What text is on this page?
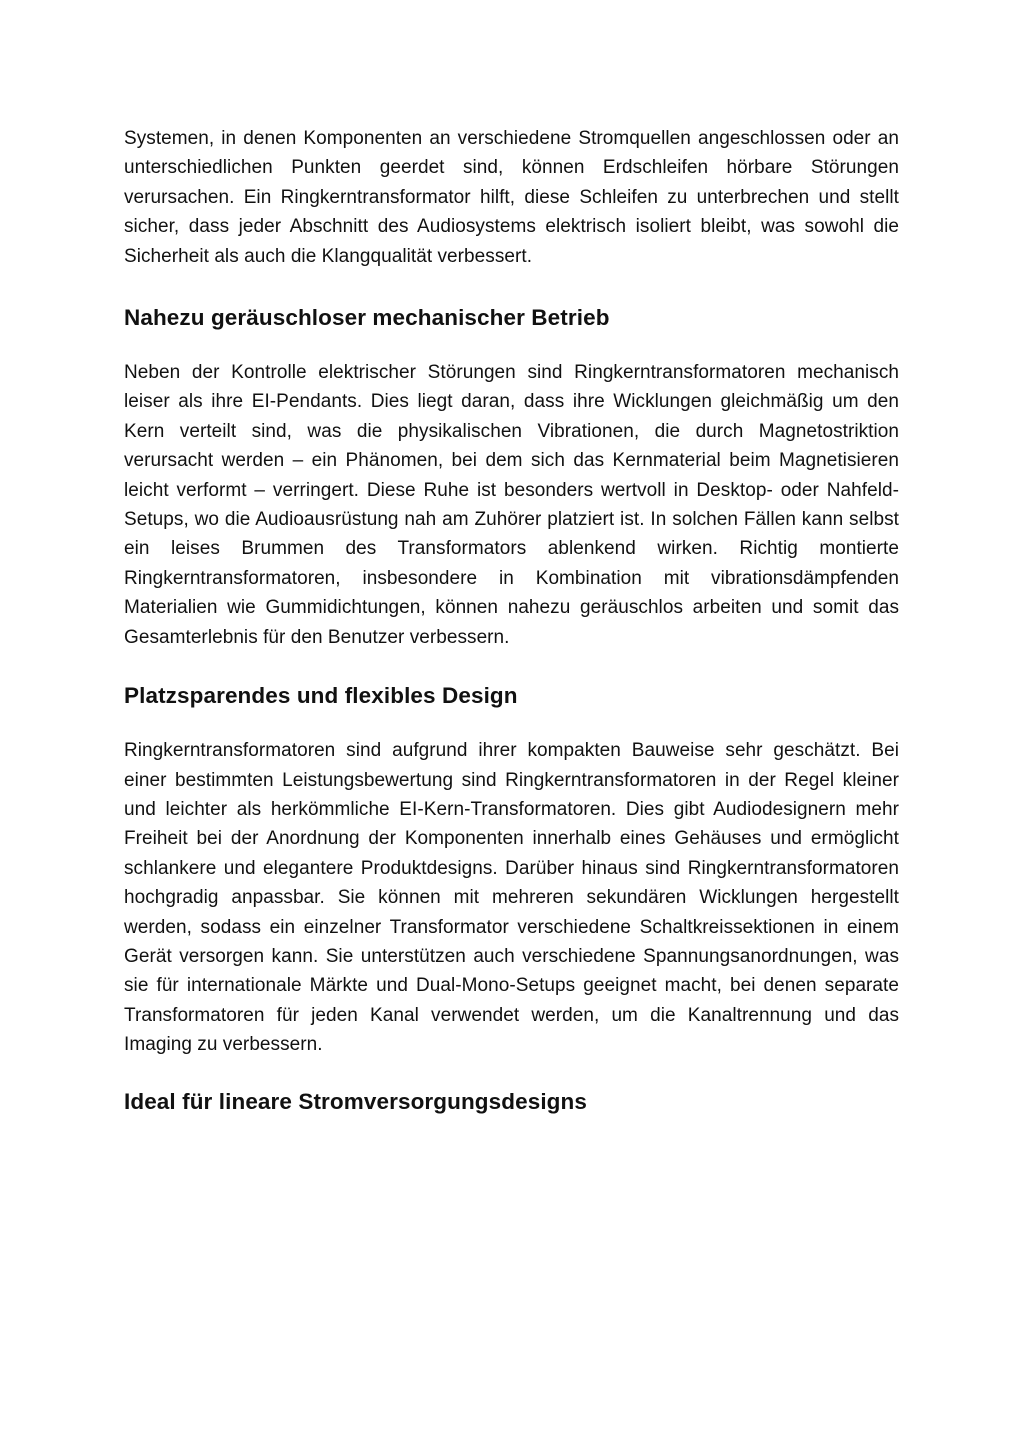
Systemen, in denen Komponenten an verschiedene Stromquellen angeschlossen oder an unterschiedlichen Punkten geerdet sind, können Erdschleifen hörbare Störungen verursachen. Ein Ringkerntransformator hilft, diese Schleifen zu unterbrechen und stellt sicher, dass jeder Abschnitt des Audiosystems elektrisch isoliert bleibt, was sowohl die Sicherheit als auch die Klangqualität verbessert.

Nahezu geräuschloser mechanischer Betrieb

Neben der Kontrolle elektrischer Störungen sind Ringkerntransformatoren mechanisch leiser als ihre EI-Pendants. Dies liegt daran, dass ihre Wicklungen gleichmäßig um den Kern verteilt sind, was die physikalischen Vibrationen, die durch Magnetostriktion verursacht werden – ein Phänomen, bei dem sich das Kernmaterial beim Magnetisieren leicht verformt – verringert. Diese Ruhe ist besonders wertvoll in Desktop- oder Nahfeld-Setups, wo die Audioausrüstung nah am Zuhörer platziert ist. In solchen Fällen kann selbst ein leises Brummen des Transformators ablenkend wirken. Richtig montierte Ringkerntransformatoren, insbesondere in Kombination mit vibrationsdämpfenden Materialien wie Gummidichtungen, können nahezu geräuschlos arbeiten und somit das Gesamterlebnis für den Benutzer verbessern.

Platzsparendes und flexibles Design

Ringkerntransformatoren sind aufgrund ihrer kompakten Bauweise sehr geschätzt. Bei einer bestimmten Leistungsbewertung sind Ringkerntransformatoren in der Regel kleiner und leichter als herkömmliche EI-Kern-Transformatoren. Dies gibt Audiodesignern mehr Freiheit bei der Anordnung der Komponenten innerhalb eines Gehäuses und ermöglicht schlankere und elegantere Produktdesigns. Darüber hinaus sind Ringkerntransformatoren hochgradig anpassbar. Sie können mit mehreren sekundären Wicklungen hergestellt werden, sodass ein einzelner Transformator verschiedene Schaltkreissektionen in einem Gerät versorgen kann. Sie unterstützen auch verschiedene Spannungsanordnungen, was sie für internationale Märkte und Dual-Mono-Setups geeignet macht, bei denen separate Transformatoren für jeden Kanal verwendet werden, um die Kanaltrennung und das Imaging zu verbessern.

Ideal für lineare Stromversorgungsdesigns
